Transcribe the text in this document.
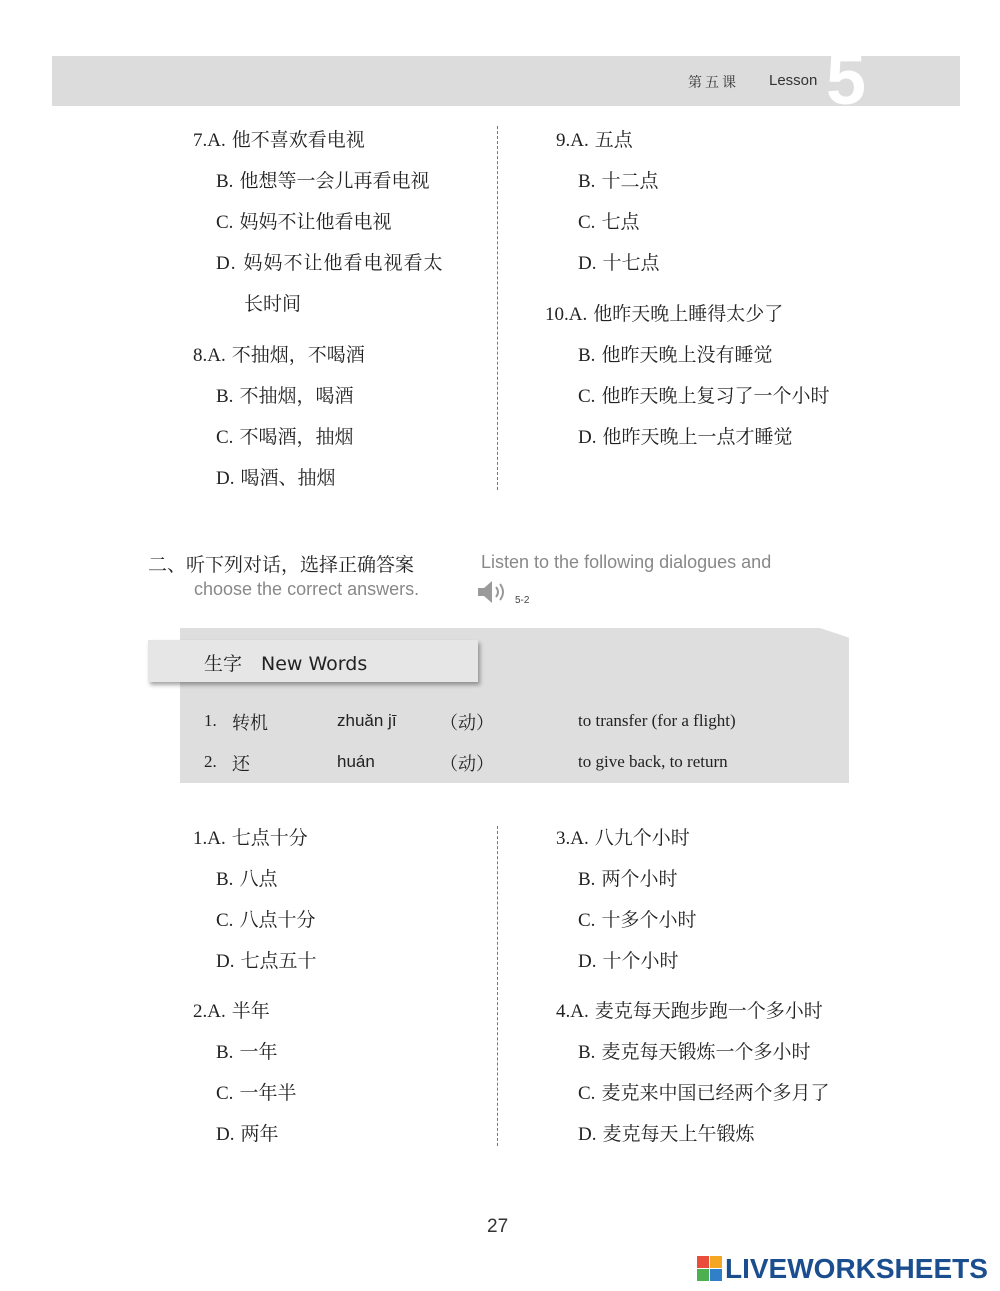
第五课 Lesson 5
7.A. 他不喜欢看电视
B. 他想等一会儿再看电视
C. 妈妈不让他看电视
D. 妈妈不让他看电视看太
长时间
8.A. 不抽烟，不喝酒
B. 不抽烟，喝酒
C. 不喝酒，抽烟
D. 喝酒、抽烟
9.A. 五点
B. 十二点
C. 七点
D. 十七点
10.A. 他昨天晚上睡得太少了
B. 他昨天晚上没有睡觉
C. 他昨天晚上复习了一个小时
D. 他昨天晚上一点才睡觉
二、听下列对话，选择正确答案	Listen to the following dialogues and
choose the correct answers.
5-2
生字　New Words
1. 转机	zhuǎn jī （动）	to transfer (for a flight)
2. 还	huán	（动）	to give back, to return
1.A. 七点十分
B. 八点
C. 八点十分
D. 七点五十
2.A. 半年
B. 一年
C. 一年半
D. 两年
3.A. 八九个小时
B. 两个小时
C. 十多个小时
D. 十个小时
4.A. 麦克每天跑步跑一个多小时
B. 麦克每天锻炼一个多小时
C. 麦克来中国已经两个多月了
D. 麦克每天上午锻炼
27
LIVEWORKSHEETS
